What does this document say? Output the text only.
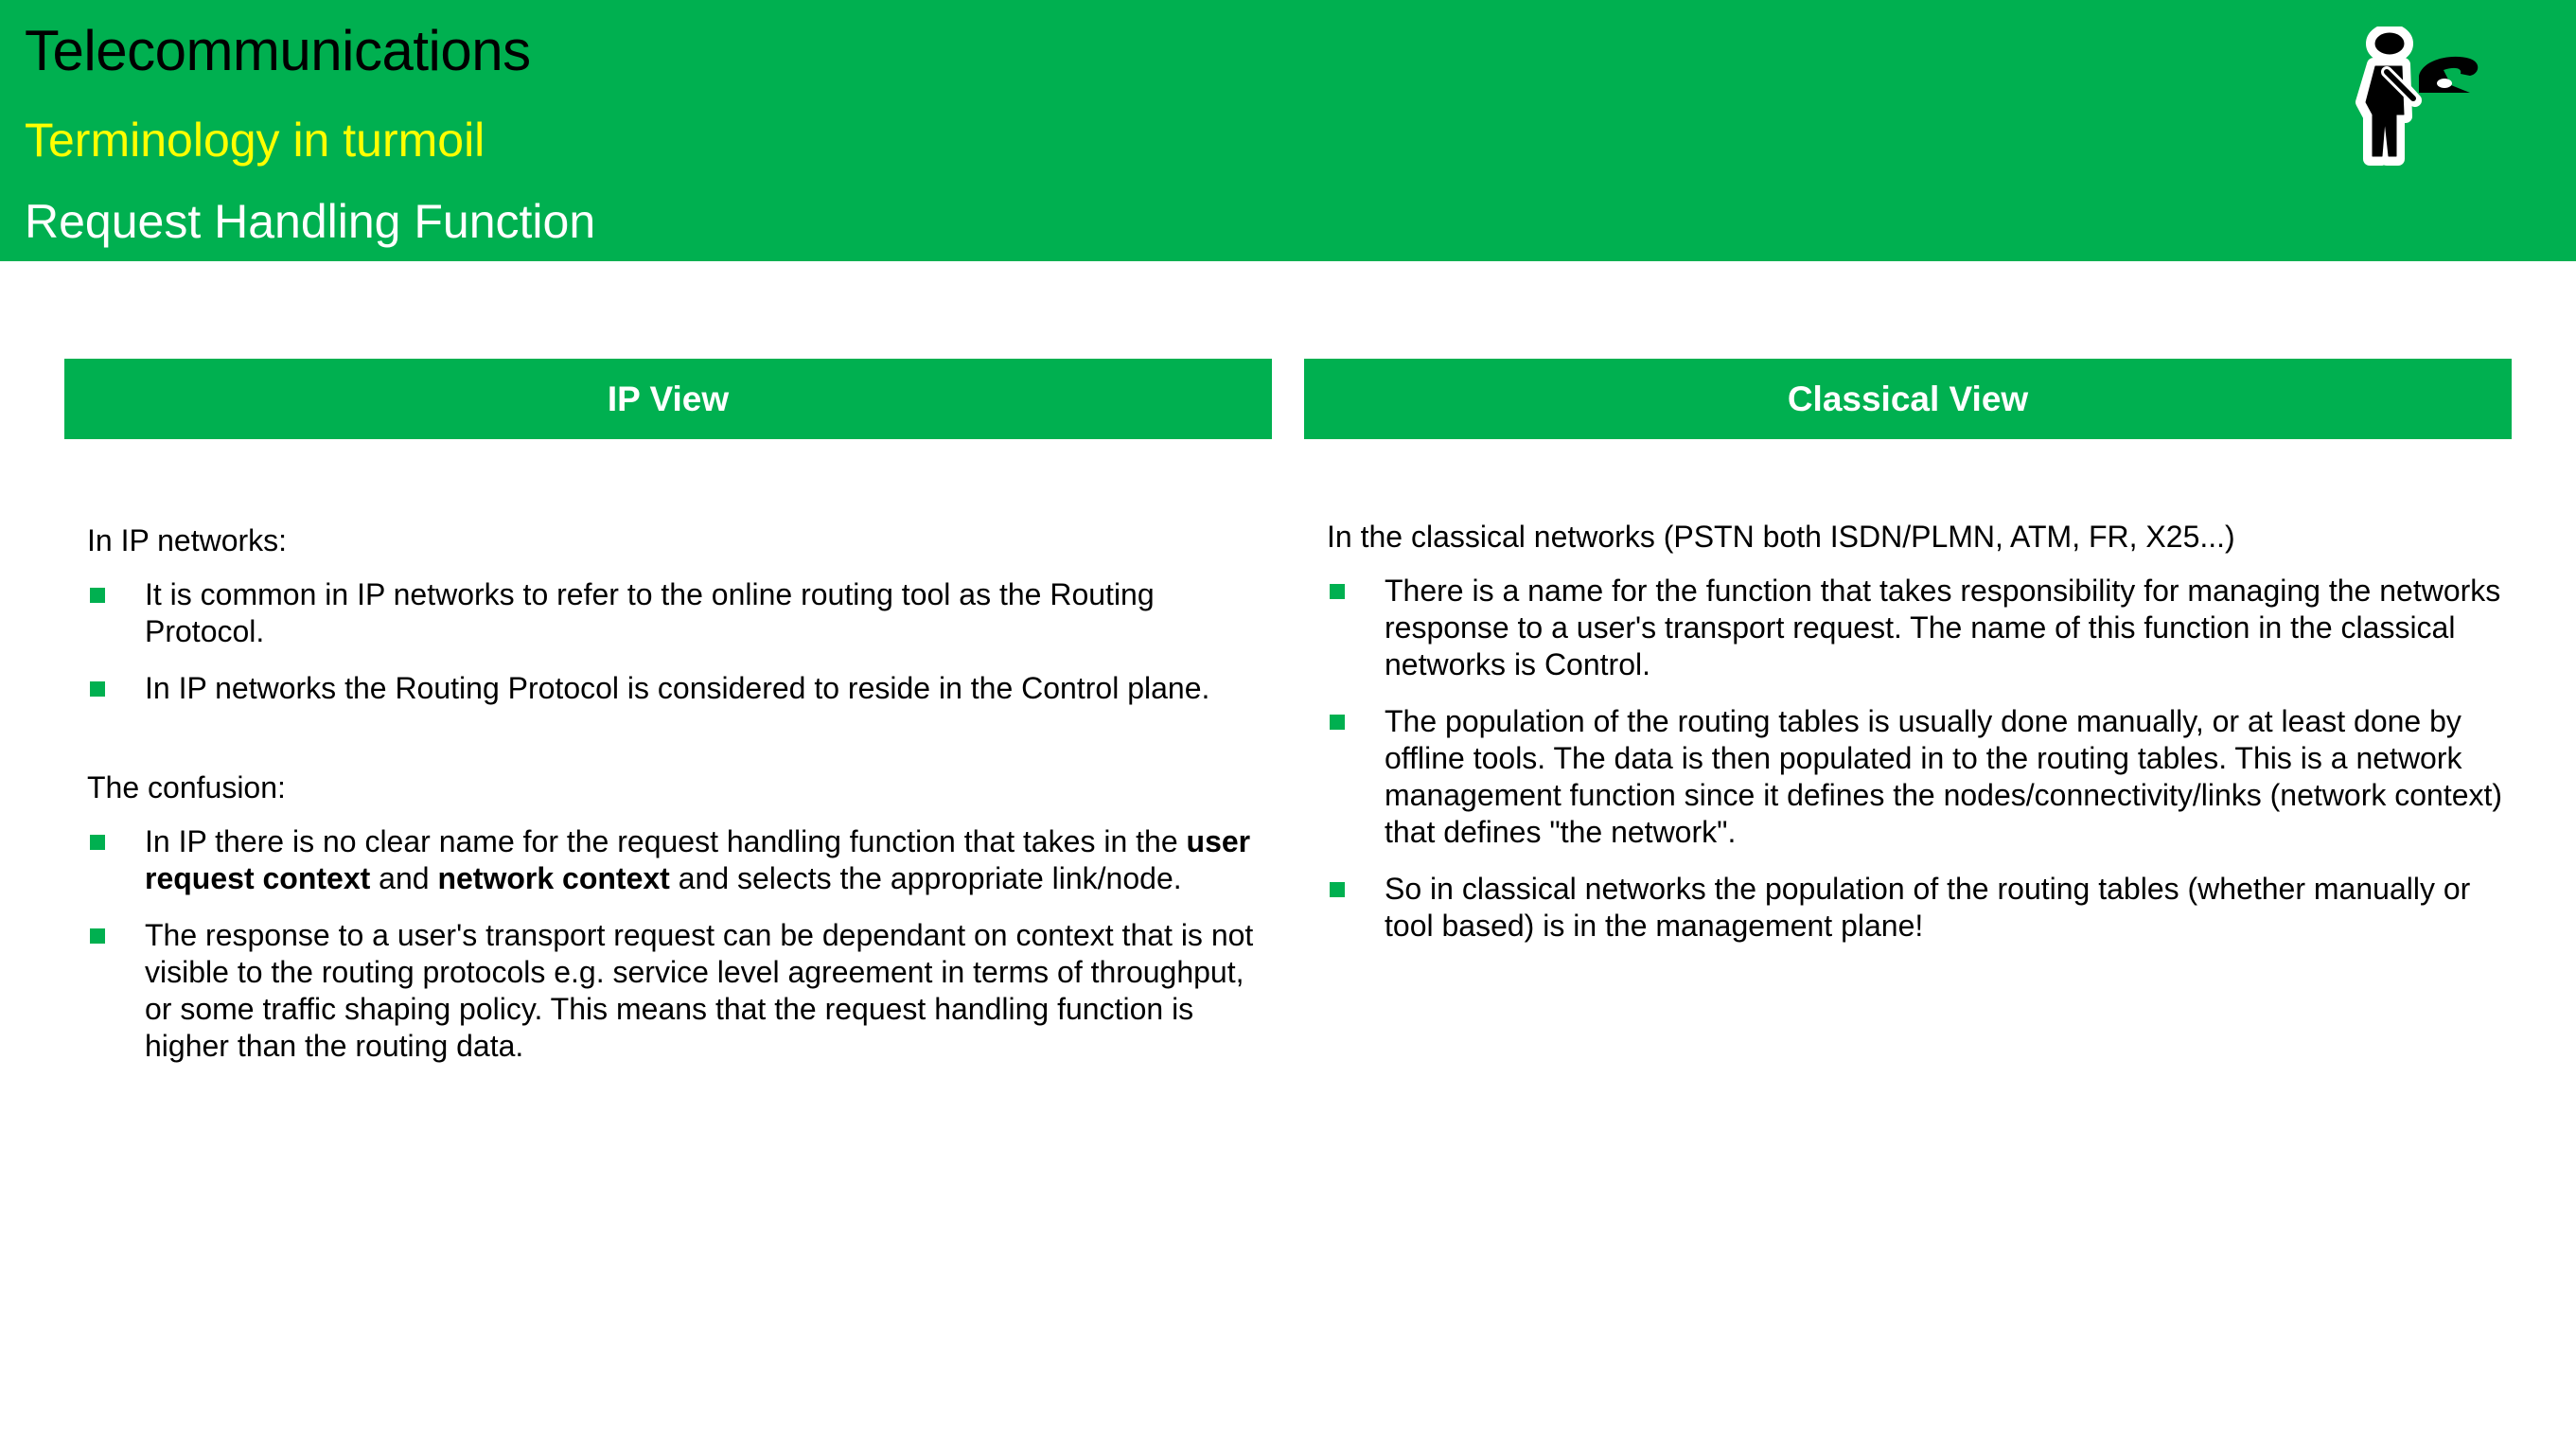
Telecommunications
Terminology in turmoil
Request Handling Function
IP View	Classical View
In IP networks:
It is common in IP networks to refer to the online routing tool as the Routing Protocol.
In IP networks the Routing Protocol is considered to reside in the Control plane.
The confusion:
In IP there is no clear name for the request handling function that takes in the user request context and network context and selects the appropriate link/node.
The response to a user's transport request can be dependant on context that is not visible to the routing protocols e.g. service level agreement in terms of throughput, or some traffic shaping policy. This means that the request handling function is higher than the routing data.
In the classical networks (PSTN both ISDN/PLMN, ATM, FR, X25...)
There is a name for the function that takes responsibility for managing the networks response to a user's transport request. The name of this function in the classical networks is Control.
The population of the routing tables is usually done manually, or at least done by offline tools. The data is then populated in to the routing tables. This is a network management function since it defines the nodes/connectivity/links (network context) that defines "the network".
So in classical networks the population of the routing tables (whether manually or tool based) is in the management plane!
